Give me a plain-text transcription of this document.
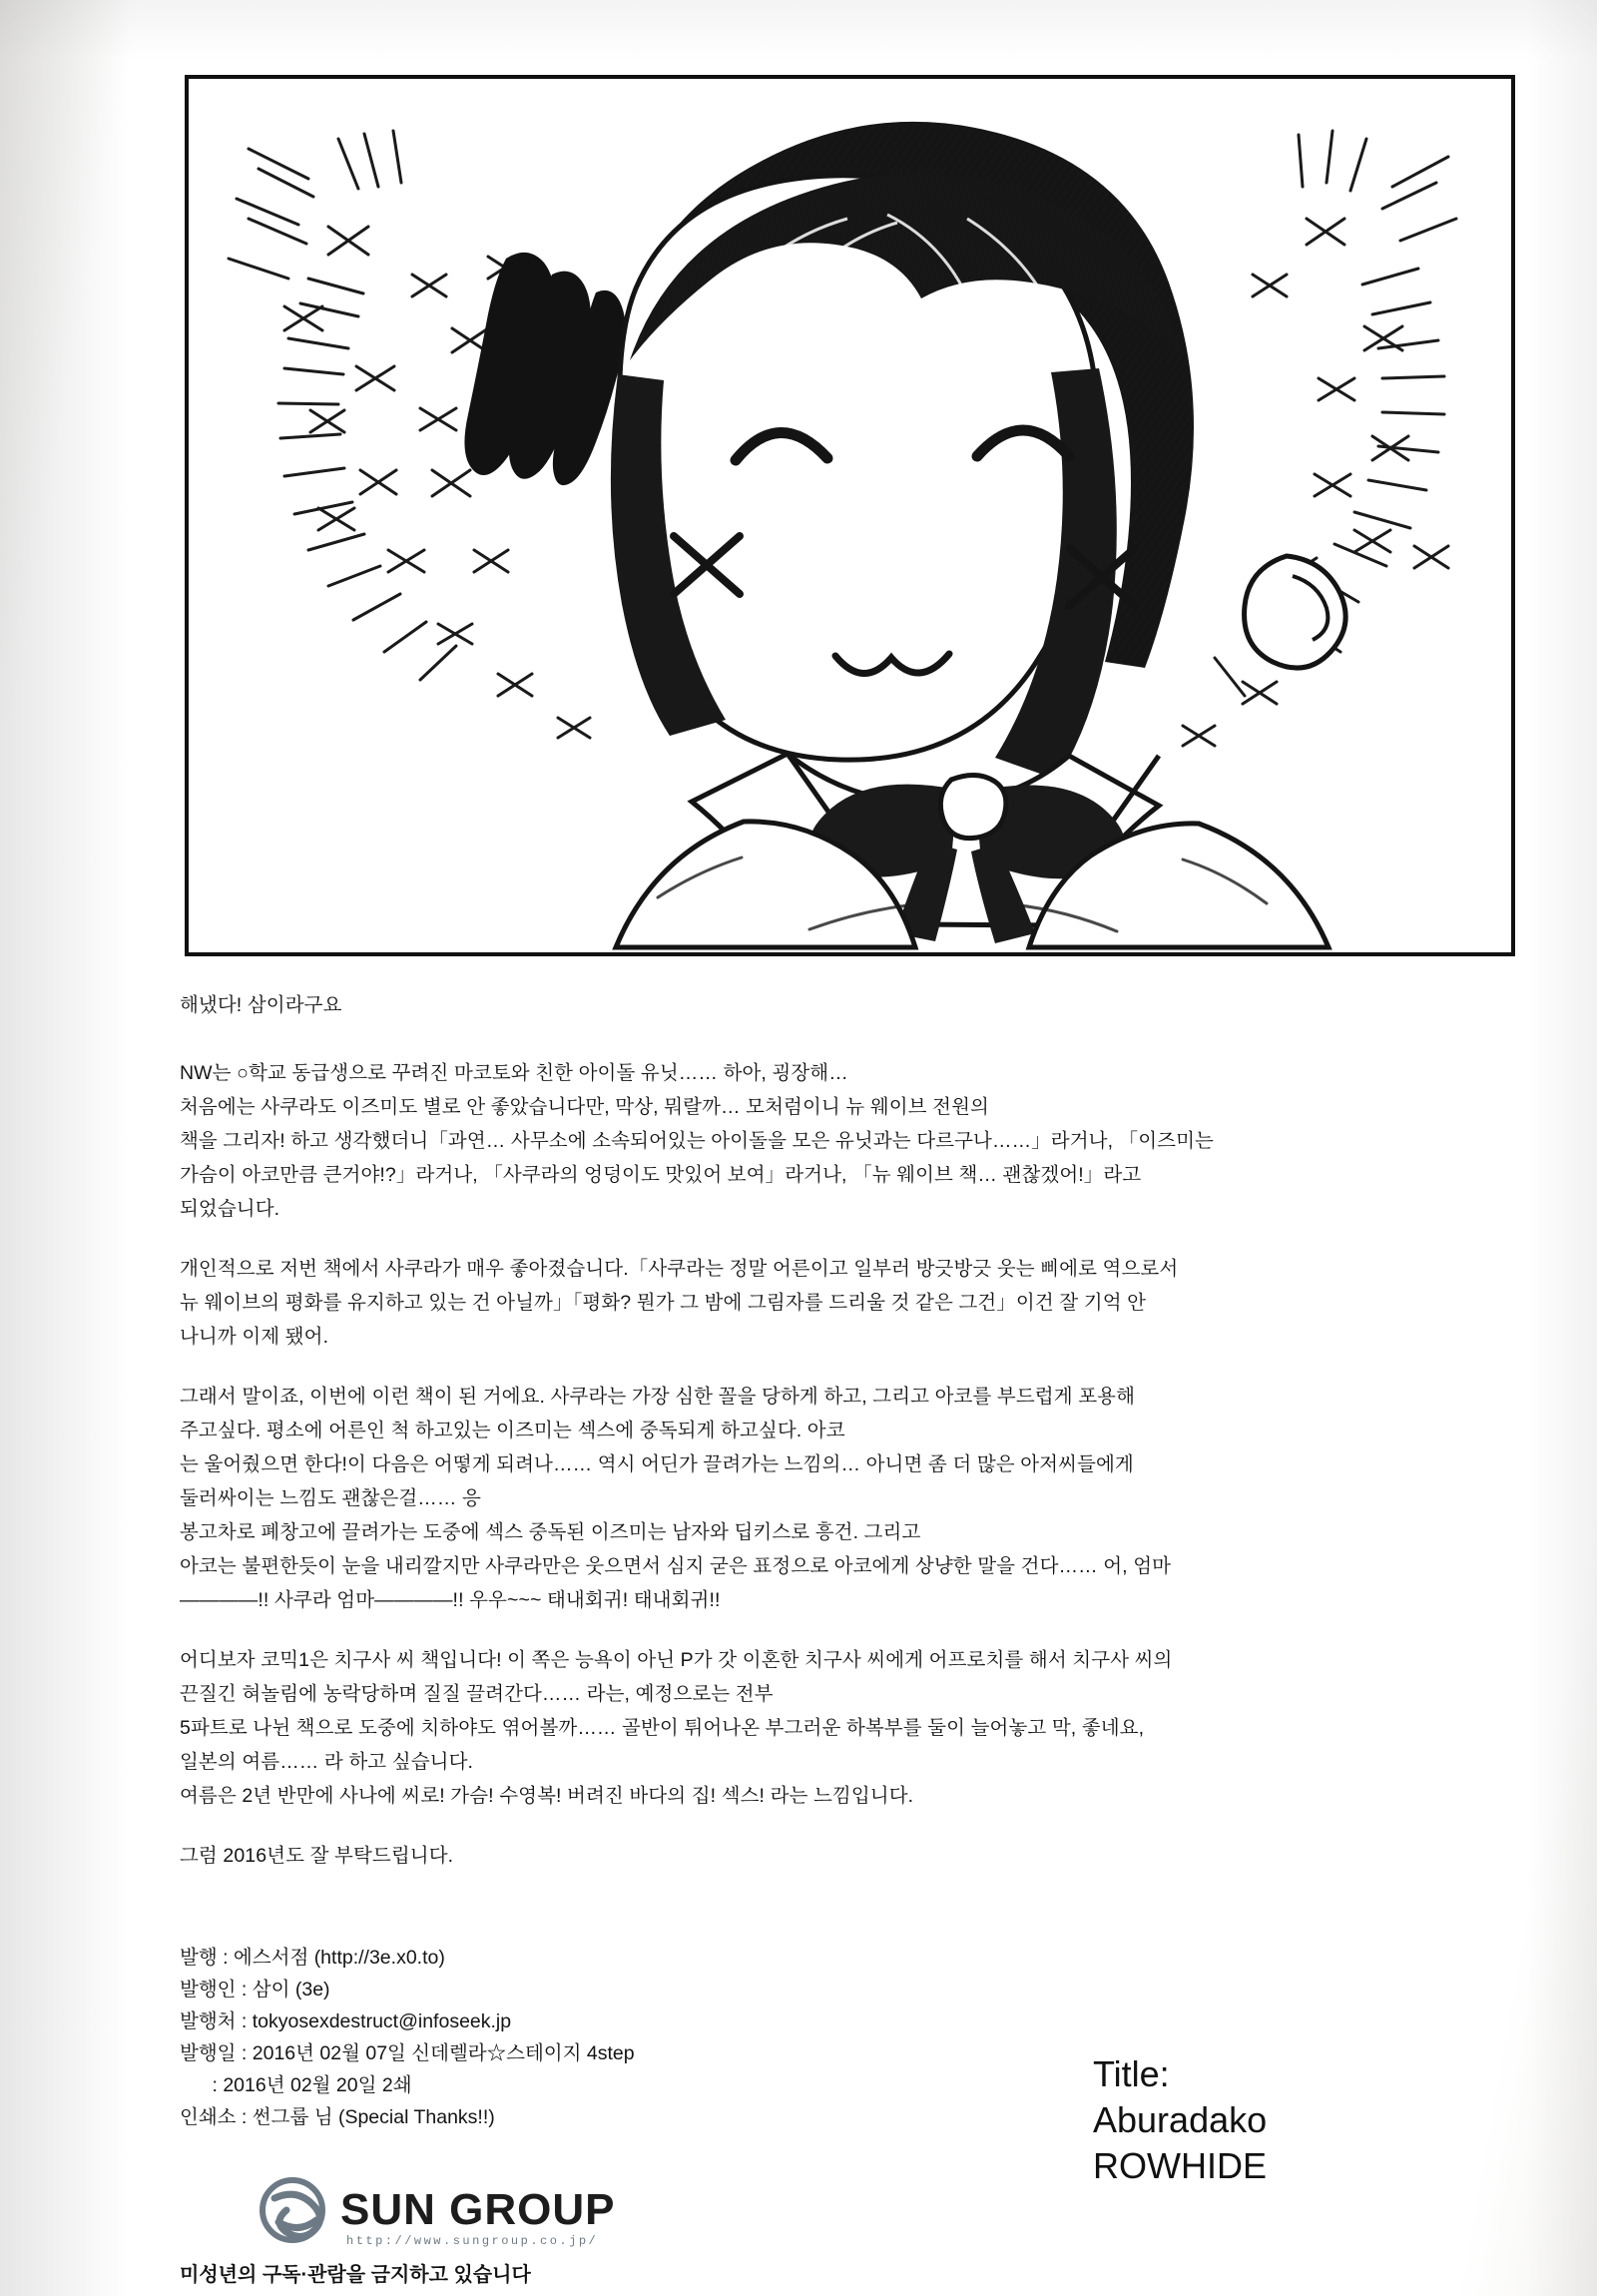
해냈다! 삼이라구요

NW는 ○학교 동급생으로 꾸려진 마코토와 친한 아이돌 유닛…… 하아, 굉장해…
처음에는 사쿠라도 이즈미도 별로 안 좋았습니다만, 막상, 뭐랄까… 모처럼이니 뉴 웨이브 전원의
책을 그리자! 하고 생각했더니「과연… 사무소에 소속되어있는 아이돌을 모은 유닛과는 다르구나……」라거나, 「이즈미는
가슴이 아코만큼 큰거야!?」라거나, 「사쿠라의 엉덩이도 맛있어 보여」라거나, 「뉴 웨이브 책… 괜찮겠어!」라고
되었습니다.

개인적으로 저번 책에서 사쿠라가 매우 좋아졌습니다.「사쿠라는 정말 어른이고 일부러 방긋방긋 웃는 삐에로 역으로서
뉴 웨이브의 평화를 유지하고 있는 건 아닐까」「평화? 뭔가 그 밤에 그림자를 드리울 것 같은 그건」이건 잘 기억 안
나니까 이제 됐어.

그래서 말이죠, 이번에 이런 책이 된 거에요. 사쿠라는 가장 심한 꼴을 당하게 하고, 그리고 아코를 부드럽게 포용해
주고싶다. 평소에 어른인 척 하고있는 이즈미는 섹스에 중독되게 하고싶다. 아코
는 울어줬으면 한다!이 다음은 어떻게 되려나…… 역시 어딘가 끌려가는 느낌의… 아니면 좀 더 많은 아저씨들에게
둘러싸이는 느낌도 괜찮은걸…… 응
봉고차로 폐창고에 끌려가는 도중에 섹스 중독된 이즈미는 남자와 딥키스로 흥건. 그리고
아코는 불편한듯이 눈을 내리깔지만 사쿠라만은 웃으면서 심지 굳은 표정으로 아코에게 상냥한 말을 건다…… 어, 엄마
————!! 사쿠라 엄마————!! 우우~~~ 태내회귀! 태내회귀!!

어디보자 코믹1은 치구사 씨 책입니다! 이 쪽은 능욕이 아닌 P가 갓 이혼한 치구사 씨에게 어프로치를 해서 치구사 씨의
끈질긴 혀놀림에 농락당하며 질질 끌려간다…… 라는, 예정으로는 전부
5파트로 나뉜 책으로 도중에 치하야도 엮어볼까…… 골반이 튀어나온 부그러운 하복부를 둘이 늘어놓고 막, 좋네요,
일본의 여름…… 라 하고 싶습니다.
여름은 2년 반만에 사나에 씨로! 가슴! 수영복! 버려진 바다의 집! 섹스! 라는 느낌입니다.

그럼 2016년도 잘 부탁드립니다.

발행 : 에스서점 (http://3e.x0.to)
발행인 : 삼이 (3e)
발행처 : tokyosexdestruct@infoseek.jp
발행일 : 2016년 02월 07일 신데렐라☆스테이지 4step
: 2016년 02월 20일 2쇄
인쇄소 : 썬그룹 님 (Special Thanks!!)
Title:
Aburadako
ROWHIDE
SUN GROUP
http://www.sungroup.co.jp/
미성년의 구독·관람을 금지하고 있습니다
